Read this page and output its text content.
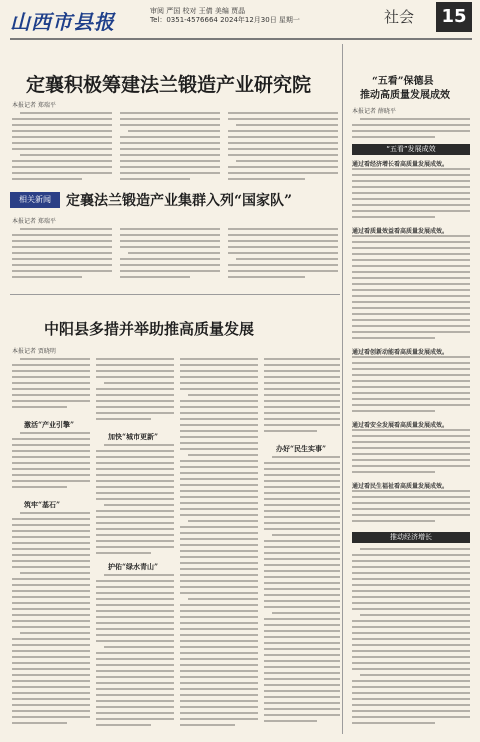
山西市县报	审阅 严国 校对 王倩 美编 贾晶
Tel：0351-4576664 2024年12月30日 星期一	社会	15
定襄积极筹建法兰锻造产业研究院
本报记者 郑瑞平
相关新闻	定襄法兰锻造产业集群入列“国家队”
本报记者 郑瑞平
中阳县多措并举助推高质量发展
本报记者 贾晓明
激活“产业引擎”
筑牢“基石”
加快“城市更新”
护佑“绿水青山”
办好“民生实事”
“五看”保德县
推动高质量发展成效
本报记者 薛晓平
“五看”发展成效
通过看经济增长看高质量发展成效。
通过看质量效益看高质量发展成效。
通过看创新动能看高质量发展成效。
通过看安全发展看高质量发展成效。
通过看民生福祉看高质量发展成效。
推动经济增长
